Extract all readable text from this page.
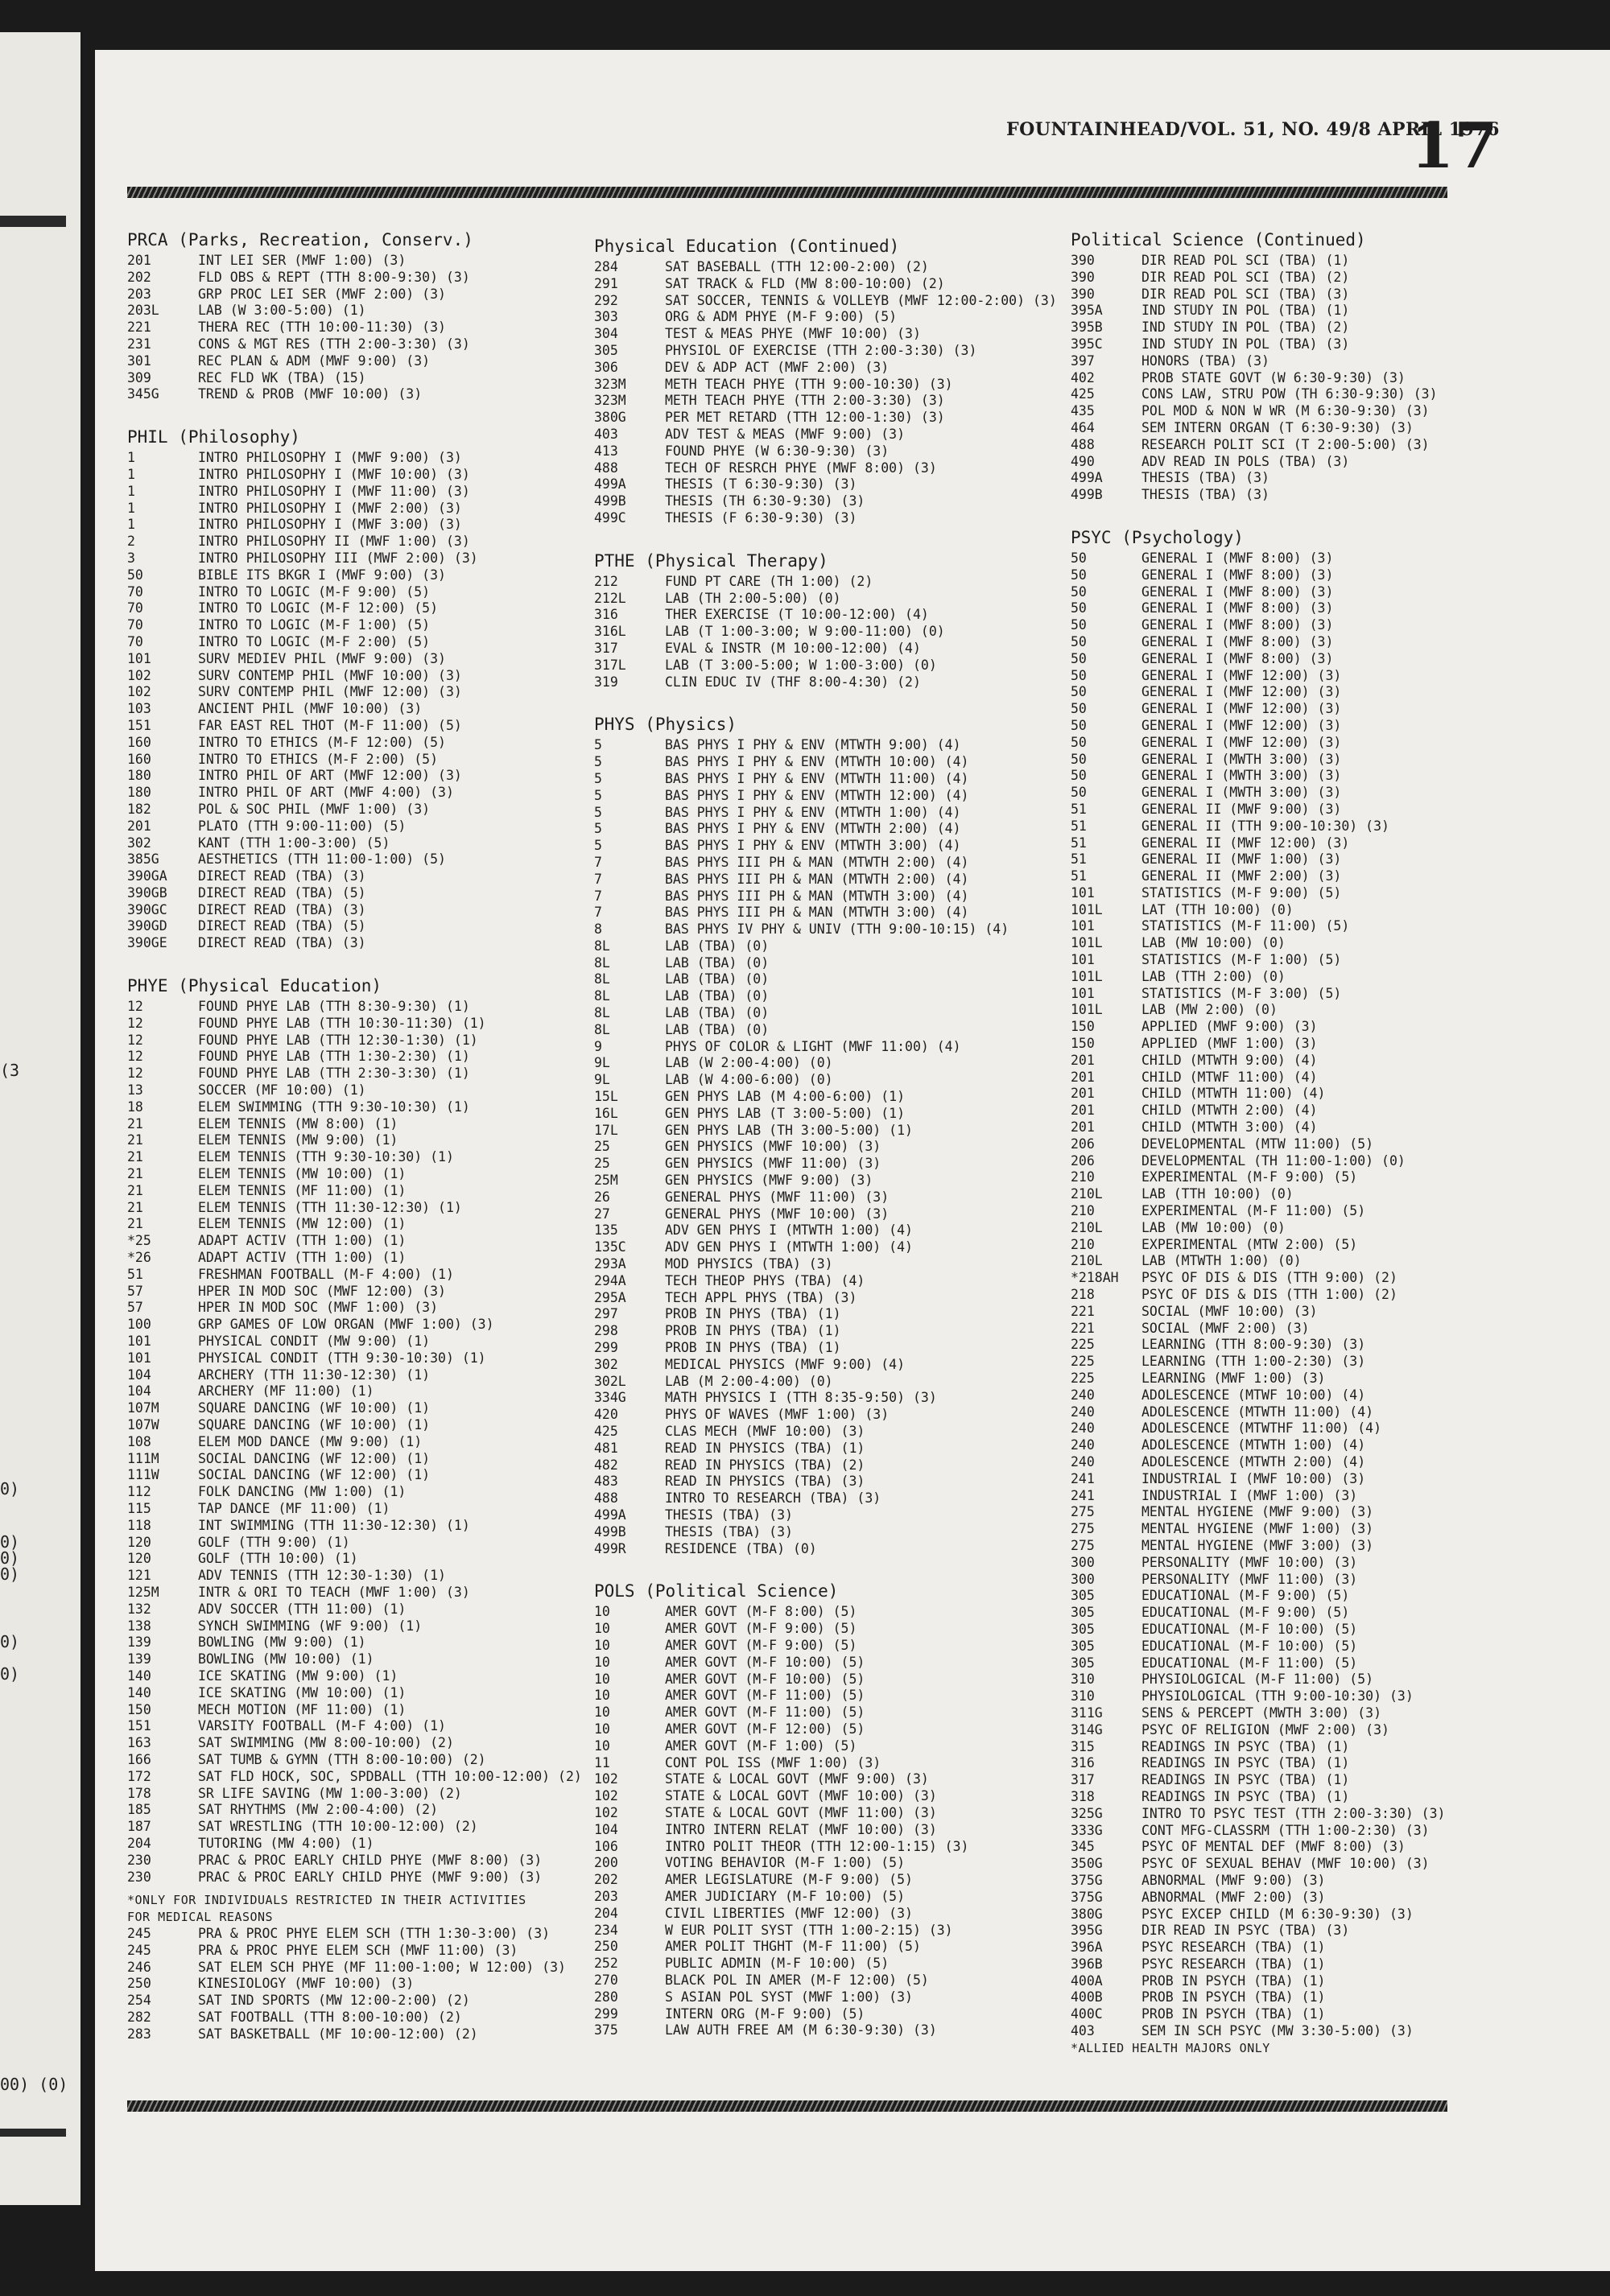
(3
0)
0)
0)
0)
0)
0)
00) (0)
FOUNTAINHEAD/VOL. 51, NO. 49/8 APRIL 1976
17
PRCA (Parks, Recreation, Conserv.)
201	INT LEI SER (MWF 1:00) (3)
202	FLD OBS & REPT (TTH 8:00-9:30) (3)
203	GRP PROC LEI SER (MWF 2:00) (3)
203L	LAB (W 3:00-5:00) (1)
221	THERA REC (TTH 10:00-11:30) (3)
231	CONS & MGT RES (TTH 2:00-3:30) (3)
301	REC PLAN & ADM (MWF 9:00) (3)
309	REC FLD WK (TBA) (15)
345G	TREND & PROB (MWF 10:00) (3)
PHIL (Philosophy)
1	INTRO PHILOSOPHY I (MWF 9:00) (3)
1	INTRO PHILOSOPHY I (MWF 10:00) (3)
1	INTRO PHILOSOPHY I (MWF 11:00) (3)
1	INTRO PHILOSOPHY I (MWF 2:00) (3)
1	INTRO PHILOSOPHY I (MWF 3:00) (3)
2	INTRO PHILOSOPHY II (MWF 1:00) (3)
3	INTRO PHILOSOPHY III (MWF 2:00) (3)
50	BIBLE ITS BKGR I (MWF 9:00) (3)
70	INTRO TO LOGIC (M-F 9:00) (5)
70	INTRO TO LOGIC (M-F 12:00) (5)
70	INTRO TO LOGIC (M-F 1:00) (5)
70	INTRO TO LOGIC (M-F 2:00) (5)
101	SURV MEDIEV PHIL (MWF 9:00) (3)
102	SURV CONTEMP PHIL (MWF 10:00) (3)
102	SURV CONTEMP PHIL (MWF 12:00) (3)
103	ANCIENT PHIL (MWF 10:00) (3)
151	FAR EAST REL THOT (M-F 11:00) (5)
160	INTRO TO ETHICS (M-F 12:00) (5)
160	INTRO TO ETHICS (M-F 2:00) (5)
180	INTRO PHIL OF ART (MWF 12:00) (3)
180	INTRO PHIL OF ART (MWF 4:00) (3)
182	POL & SOC PHIL (MWF 1:00) (3)
201	PLATO (TTH 9:00-11:00) (5)
302	KANT (TTH 1:00-3:00) (5)
385G	AESTHETICS (TTH 11:00-1:00) (5)
390GA	DIRECT READ (TBA) (3)
390GB	DIRECT READ (TBA) (5)
390GC	DIRECT READ (TBA) (3)
390GD	DIRECT READ (TBA) (5)
390GE	DIRECT READ (TBA) (3)
PHYE (Physical Education)
12	FOUND PHYE LAB (TTH 8:30-9:30) (1)
12	FOUND PHYE LAB (TTH 10:30-11:30) (1)
12	FOUND PHYE LAB (TTH 12:30-1:30) (1)
12	FOUND PHYE LAB (TTH 1:30-2:30) (1)
12	FOUND PHYE LAB (TTH 2:30-3:30) (1)
13	SOCCER (MF 10:00) (1)
18	ELEM SWIMMING (TTH 9:30-10:30) (1)
21	ELEM TENNIS (MW 8:00) (1)
21	ELEM TENNIS (MW 9:00) (1)
21	ELEM TENNIS (TTH 9:30-10:30) (1)
21	ELEM TENNIS (MW 10:00) (1)
21	ELEM TENNIS (MF 11:00) (1)
21	ELEM TENNIS (TTH 11:30-12:30) (1)
21	ELEM TENNIS (MW 12:00) (1)
*25	ADAPT ACTIV (TTH 1:00) (1)
*26	ADAPT ACTIV (TTH 1:00) (1)
51	FRESHMAN FOOTBALL (M-F 4:00) (1)
57	HPER IN MOD SOC (MWF 12:00) (3)
57	HPER IN MOD SOC (MWF 1:00) (3)
100	GRP GAMES OF LOW ORGAN (MWF 1:00) (3)
101	PHYSICAL CONDIT (MW 9:00) (1)
101	PHYSICAL CONDIT (TTH 9:30-10:30) (1)
104	ARCHERY (TTH 11:30-12:30) (1)
104	ARCHERY (MF 11:00) (1)
107M	SQUARE DANCING (WF 10:00) (1)
107W	SQUARE DANCING (WF 10:00) (1)
108	ELEM MOD DANCE (MW 9:00) (1)
111M	SOCIAL DANCING (WF 12:00) (1)
111W	SOCIAL DANCING (WF 12:00) (1)
112	FOLK DANCING (MW 1:00) (1)
115	TAP DANCE (MF 11:00) (1)
118	INT SWIMMING (TTH 11:30-12:30) (1)
120	GOLF (TTH 9:00) (1)
120	GOLF (TTH 10:00) (1)
121	ADV TENNIS (TTH 12:30-1:30) (1)
125M	INTR & ORI TO TEACH (MWF 1:00) (3)
132	ADV SOCCER (TTH 11:00) (1)
138	SYNCH SWIMMING (WF 9:00) (1)
139	BOWLING (MW 9:00) (1)
139	BOWLING (MW 10:00) (1)
140	ICE SKATING (MW 9:00) (1)
140	ICE SKATING (MW 10:00) (1)
150	MECH MOTION (MF 11:00) (1)
151	VARSITY FOOTBALL (M-F 4:00) (1)
163	SAT SWIMMING (MW 8:00-10:00) (2)
166	SAT TUMB & GYMN (TTH 8:00-10:00) (2)
172	SAT FLD HOCK, SOC, SPDBALL (TTH 10:00-12:00) (2)
178	SR LIFE SAVING (MW 1:00-3:00) (2)
185	SAT RHYTHMS (MW 2:00-4:00) (2)
187	SAT WRESTLING (TTH 10:00-12:00) (2)
204	TUTORING (MW 4:00) (1)
230	PRAC & PROC EARLY CHILD PHYE (MWF 8:00) (3)
230	PRAC & PROC EARLY CHILD PHYE (MWF 9:00) (3)
*ONLY FOR INDIVIDUALS RESTRICTED IN THEIR ACTIVITIES
FOR MEDICAL REASONS
245	PRA & PROC PHYE ELEM SCH (TTH 1:30-3:00) (3)
245	PRA & PROC PHYE ELEM SCH (MWF 11:00) (3)
246	SAT ELEM SCH PHYE (MF 11:00-1:00; W 12:00) (3)
250	KINESIOLOGY (MWF 10:00) (3)
254	SAT IND SPORTS (MW 12:00-2:00) (2)
282	SAT FOOTBALL (TTH 8:00-10:00) (2)
283	SAT BASKETBALL (MF 10:00-12:00) (2)
Physical Education (Continued)
284	SAT BASEBALL (TTH 12:00-2:00) (2)
291	SAT TRACK & FLD (MW 8:00-10:00) (2)
292	SAT SOCCER, TENNIS & VOLLEYB (MWF 12:00-2:00) (3)
303	ORG & ADM PHYE (M-F 9:00) (5)
304	TEST & MEAS PHYE (MWF 10:00) (3)
305	PHYSIOL OF EXERCISE (TTH 2:00-3:30) (3)
306	DEV & ADP ACT (MWF 2:00) (3)
323M	METH TEACH PHYE (TTH 9:00-10:30) (3)
323M	METH TEACH PHYE (TTH 2:00-3:30) (3)
380G	PER MET RETARD (TTH 12:00-1:30) (3)
403	ADV TEST & MEAS (MWF 9:00) (3)
413	FOUND PHYE (W 6:30-9:30) (3)
488	TECH OF RESRCH PHYE (MWF 8:00) (3)
499A	THESIS (T 6:30-9:30) (3)
499B	THESIS (TH 6:30-9:30) (3)
499C	THESIS (F 6:30-9:30) (3)
PTHE (Physical Therapy)
212	FUND PT CARE (TH 1:00) (2)
212L	LAB (TH 2:00-5:00) (0)
316	THER EXERCISE (T 10:00-12:00) (4)
316L	LAB (T 1:00-3:00; W 9:00-11:00) (0)
317	EVAL & INSTR (M 10:00-12:00) (4)
317L	LAB (T 3:00-5:00; W 1:00-3:00) (0)
319	CLIN EDUC IV (THF 8:00-4:30) (2)
PHYS (Physics)
5	BAS PHYS I PHY & ENV (MTWTH 9:00) (4)
5	BAS PHYS I PHY & ENV (MTWTH 10:00) (4)
5	BAS PHYS I PHY & ENV (MTWTH 11:00) (4)
5	BAS PHYS I PHY & ENV (MTWTH 12:00) (4)
5	BAS PHYS I PHY & ENV (MTWTH 1:00) (4)
5	BAS PHYS I PHY & ENV (MTWTH 2:00) (4)
5	BAS PHYS I PHY & ENV (MTWTH 3:00) (4)
7	BAS PHYS III PH & MAN (MTWTH 2:00) (4)
7	BAS PHYS III PH & MAN (MTWTH 2:00) (4)
7	BAS PHYS III PH & MAN (MTWTH 3:00) (4)
7	BAS PHYS III PH & MAN (MTWTH 3:00) (4)
8	BAS PHYS IV PHY & UNIV (TTH 9:00-10:15) (4)
8L	LAB (TBA) (0)
8L	LAB (TBA) (0)
8L	LAB (TBA) (0)
8L	LAB (TBA) (0)
8L	LAB (TBA) (0)
8L	LAB (TBA) (0)
9	PHYS OF COLOR & LIGHT (MWF 11:00) (4)
9L	LAB (W 2:00-4:00) (0)
9L	LAB (W 4:00-6:00) (0)
15L	GEN PHYS LAB (M 4:00-6:00) (1)
16L	GEN PHYS LAB (T 3:00-5:00) (1)
17L	GEN PHYS LAB (TH 3:00-5:00) (1)
25	GEN PHYSICS (MWF 10:00) (3)
25	GEN PHYSICS (MWF 11:00) (3)
25M	GEN PHYSICS (MWF 9:00) (3)
26	GENERAL PHYS (MWF 11:00) (3)
27	GENERAL PHYS (MWF 10:00) (3)
135	ADV GEN PHYS I (MTWTH 1:00) (4)
135C	ADV GEN PHYS I (MTWTH 1:00) (4)
293A	MOD PHYSICS (TBA) (3)
294A	TECH THEOP PHYS (TBA) (4)
295A	TECH APPL PHYS (TBA) (3)
297	PROB IN PHYS (TBA) (1)
298	PROB IN PHYS (TBA) (1)
299	PROB IN PHYS (TBA) (1)
302	MEDICAL PHYSICS (MWF 9:00) (4)
302L	LAB (M 2:00-4:00) (0)
334G	MATH PHYSICS I (TTH 8:35-9:50) (3)
420	PHYS OF WAVES (MWF 1:00) (3)
425	CLAS MECH (MWF 10:00) (3)
481	READ IN PHYSICS (TBA) (1)
482	READ IN PHYSICS (TBA) (2)
483	READ IN PHYSICS (TBA) (3)
488	INTRO TO RESEARCH (TBA) (3)
499A	THESIS (TBA) (3)
499B	THESIS (TBA) (3)
499R	RESIDENCE (TBA) (0)
POLS (Political Science)
10	AMER GOVT (M-F 8:00) (5)
10	AMER GOVT (M-F 9:00) (5)
10	AMER GOVT (M-F 9:00) (5)
10	AMER GOVT (M-F 10:00) (5)
10	AMER GOVT (M-F 10:00) (5)
10	AMER GOVT (M-F 11:00) (5)
10	AMER GOVT (M-F 11:00) (5)
10	AMER GOVT (M-F 12:00) (5)
10	AMER GOVT (M-F 1:00) (5)
11	CONT POL ISS (MWF 1:00) (3)
102	STATE & LOCAL GOVT (MWF 9:00) (3)
102	STATE & LOCAL GOVT (MWF 10:00) (3)
102	STATE & LOCAL GOVT (MWF 11:00) (3)
104	INTRO INTERN RELAT (MWF 10:00) (3)
106	INTRO POLIT THEOR (TTH 12:00-1:15) (3)
200	VOTING BEHAVIOR (M-F 1:00) (5)
202	AMER LEGISLATURE (M-F 9:00) (5)
203	AMER JUDICIARY (M-F 10:00) (5)
204	CIVIL LIBERTIES (MWF 12:00) (3)
234	W EUR POLIT SYST (TTH 1:00-2:15) (3)
250	AMER POLIT THGHT (M-F 11:00) (5)
252	PUBLIC ADMIN (M-F 10:00) (5)
270	BLACK POL IN AMER (M-F 12:00) (5)
280	S ASIAN POL SYST (MWF 1:00) (3)
299	INTERN ORG (M-F 9:00) (5)
375	LAW AUTH FREE AM (M 6:30-9:30) (3)
Political Science (Continued)
390	DIR READ POL SCI (TBA) (1)
390	DIR READ POL SCI (TBA) (2)
390	DIR READ POL SCI (TBA) (3)
395A	IND STUDY IN POL (TBA) (1)
395B	IND STUDY IN POL (TBA) (2)
395C	IND STUDY IN POL (TBA) (3)
397	HONORS (TBA) (3)
402	PROB STATE GOVT (W 6:30-9:30) (3)
425	CONS LAW, STRU POW (TH 6:30-9:30) (3)
435	POL MOD & NON W WR (M 6:30-9:30) (3)
464	SEM INTERN ORGAN (T 6:30-9:30) (3)
488	RESEARCH POLIT SCI (T 2:00-5:00) (3)
490	ADV READ IN POLS (TBA) (3)
499A	THESIS (TBA) (3)
499B	THESIS (TBA) (3)
PSYC (Psychology)
50	GENERAL I (MWF 8:00) (3)
50	GENERAL I (MWF 8:00) (3)
50	GENERAL I (MWF 8:00) (3)
50	GENERAL I (MWF 8:00) (3)
50	GENERAL I (MWF 8:00) (3)
50	GENERAL I (MWF 8:00) (3)
50	GENERAL I (MWF 8:00) (3)
50	GENERAL I (MWF 12:00) (3)
50	GENERAL I (MWF 12:00) (3)
50	GENERAL I (MWF 12:00) (3)
50	GENERAL I (MWF 12:00) (3)
50	GENERAL I (MWF 12:00) (3)
50	GENERAL I (MWTH 3:00) (3)
50	GENERAL I (MWTH 3:00) (3)
50	GENERAL I (MWTH 3:00) (3)
51	GENERAL II (MWF 9:00) (3)
51	GENERAL II (TTH 9:00-10:30) (3)
51	GENERAL II (MWF 12:00) (3)
51	GENERAL II (MWF 1:00) (3)
51	GENERAL II (MWF 2:00) (3)
101	STATISTICS (M-F 9:00) (5)
101L	LAT (TTH 10:00) (0)
101	STATISTICS (M-F 11:00) (5)
101L	LAB (MW 10:00) (0)
101	STATISTICS (M-F 1:00) (5)
101L	LAB (TTH 2:00) (0)
101	STATISTICS (M-F 3:00) (5)
101L	LAB (MW 2:00) (0)
150	APPLIED (MWF 9:00) (3)
150	APPLIED (MWF 1:00) (3)
201	CHILD (MTWTH 9:00) (4)
201	CHILD (MTWF 11:00) (4)
201	CHILD (MTWTH 11:00) (4)
201	CHILD (MTWTH 2:00) (4)
201	CHILD (MTWTH 3:00) (4)
206	DEVELOPMENTAL (MTW 11:00) (5)
206	DEVELOPMENTAL (TH 11:00-1:00) (0)
210	EXPERIMENTAL (M-F 9:00) (5)
210L	LAB (TTH 10:00) (0)
210	EXPERIMENTAL (M-F 11:00) (5)
210L	LAB (MW 10:00) (0)
210	EXPERIMENTAL (MTW 2:00) (5)
210L	LAB (MTWTH 1:00) (0)
*218AH	PSYC OF DIS & DIS (TTH 9:00) (2)
218	PSYC OF DIS & DIS (TTH 1:00) (2)
221	SOCIAL (MWF 10:00) (3)
221	SOCIAL (MWF 2:00) (3)
225	LEARNING (TTH 8:00-9:30) (3)
225	LEARNING (TTH 1:00-2:30) (3)
225	LEARNING (MWF 1:00) (3)
240	ADOLESCENCE (MTWF 10:00) (4)
240	ADOLESCENCE (MTWTH 11:00) (4)
240	ADOLESCENCE (MTWTHF 11:00) (4)
240	ADOLESCENCE (MTWTH 1:00) (4)
240	ADOLESCENCE (MTWTH 2:00) (4)
241	INDUSTRIAL I (MWF 10:00) (3)
241	INDUSTRIAL I (MWF 1:00) (3)
275	MENTAL HYGIENE (MWF 9:00) (3)
275	MENTAL HYGIENE (MWF 1:00) (3)
275	MENTAL HYGIENE (MWF 3:00) (3)
300	PERSONALITY (MWF 10:00) (3)
300	PERSONALITY (MWF 11:00) (3)
305	EDUCATIONAL (M-F 9:00) (5)
305	EDUCATIONAL (M-F 9:00) (5)
305	EDUCATIONAL (M-F 10:00) (5)
305	EDUCATIONAL (M-F 10:00) (5)
305	EDUCATIONAL (M-F 11:00) (5)
310	PHYSIOLOGICAL (M-F 11:00) (5)
310	PHYSIOLOGICAL (TTH 9:00-10:30) (3)
311G	SENS & PERCEPT (MWTH 3:00) (3)
314G	PSYC OF RELIGION (MWF 2:00) (3)
315	READINGS IN PSYC (TBA) (1)
316	READINGS IN PSYC (TBA) (1)
317	READINGS IN PSYC (TBA) (1)
318	READINGS IN PSYC (TBA) (1)
325G	INTRO TO PSYC TEST (TTH 2:00-3:30) (3)
333G	CONT MFG-CLASSRM (TTH 1:00-2:30) (3)
345	PSYC OF MENTAL DEF (MWF 8:00) (3)
350G	PSYC OF SEXUAL BEHAV (MWF 10:00) (3)
375G	ABNORMAL (MWF 9:00) (3)
375G	ABNORMAL (MWF 2:00) (3)
380G	PSYC EXCEP CHILD (M 6:30-9:30) (3)
395G	DIR READ IN PSYC (TBA) (3)
396A	PSYC RESEARCH (TBA) (1)
396B	PSYC RESEARCH (TBA) (1)
400A	PROB IN PSYCH (TBA) (1)
400B	PROB IN PSYCH (TBA) (1)
400C	PROB IN PSYCH (TBA) (1)
403	SEM IN SCH PSYC (MW 3:30-5:00) (3)
*ALLIED HEALTH MAJORS ONLY
